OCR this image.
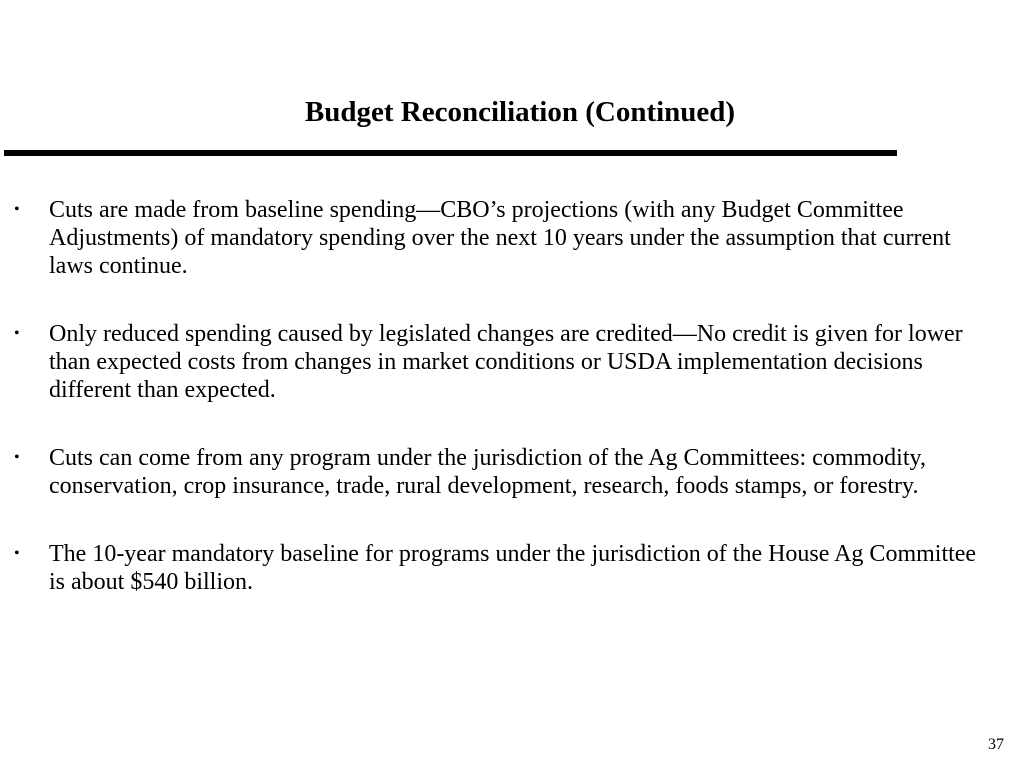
Budget Reconciliation (Continued)
• Cuts are made from baseline spending—CBO’s projections (with any Budget Committee Adjustments) of mandatory spending over the next 10 years under the assumption that current laws continue.
• Only reduced spending caused by legislated changes are credited—No credit is given for lower than expected costs from changes in market conditions or USDA implementation decisions different than expected.
• Cuts can come from any program under the jurisdiction of the Ag Committees: commodity, conservation, crop insurance, trade, rural development, research, foods stamps, or forestry.
• The 10-year mandatory baseline for programs under the jurisdiction of the House Ag Committee is about $540 billion.
37
